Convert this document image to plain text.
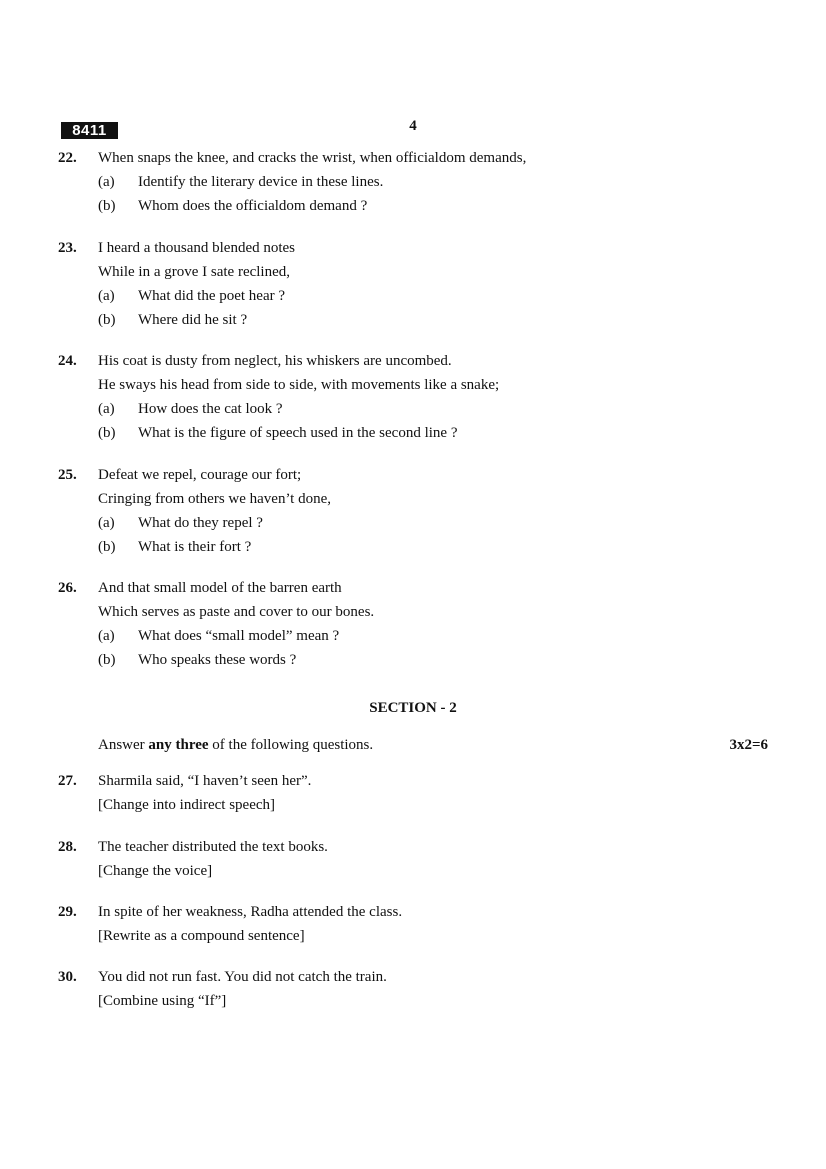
8411	4
22.	When snaps the knee, and cracks the wrist, when officialdom demands,
(a) Identify the literary device in these lines.
(b) Whom does the officialdom demand ?
23.	I heard a thousand blended notes
While in a grove I sate reclined,
(a) What did the poet hear ?
(b) Where did he sit ?
24.	His coat is dusty from neglect, his whiskers are uncombed.
He sways his head from side to side, with movements like a snake;
(a) How does the cat look ?
(b) What is the figure of speech used in the second line ?
25.	Defeat we repel, courage our fort;
Cringing from others we haven’t done,
(a) What do they repel ?
(b) What is their fort ?
26.	And that small model of the barren earth
Which serves as paste and cover to our bones.
(a) What does “small model” mean ?
(b) Who speaks these words ?
SECTION - 2
Answer any three of the following questions.	3x2=6
27.	Sharmila said, “I haven’t seen her”.
[Change into indirect speech]
28.	The teacher distributed the text books.
[Change the voice]
29.	In spite of her weakness, Radha attended the class.
[Rewrite as a compound sentence]
30.	You did not run fast. You did not catch the train.
[Combine using “If”]
